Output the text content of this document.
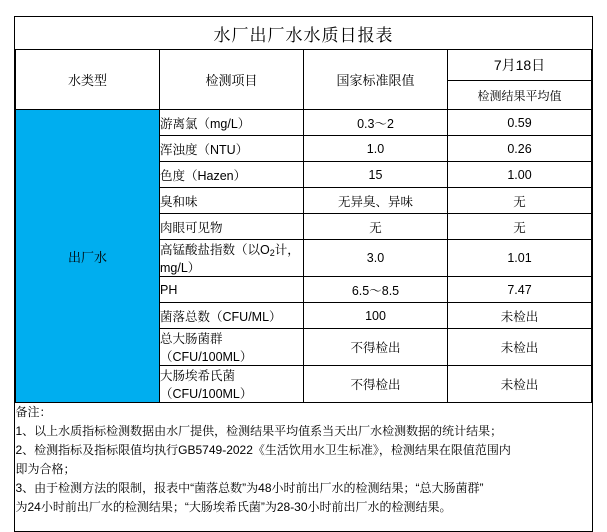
水厂出厂水水质日报表			
水类型	检测项目	国家标准限值	7月18日
			检测结果平均值
出厂水	游离氯（mg/L）	0.3～2	0.59
	浑浊度（NTU）	1.0	0.26
	色度（Hazen）	15	1.00
	臭和味	无异臭、异味	无
	肉眼可见物	无	无
	高锰酸盐指数（以$O_2$计，mg/L）	3.0	1.01
	PH	6.5～8.5	7.47
	菌落总数（CFU/ML）	100	未检出
	总大肠菌群（CFU/100ML）	不得检出	未检出
	大肠埃希氏菌（CFU/100ML）	不得检出	未检出

备注：
1、以上水质指标检测数据由水厂提供，检测结果平均值系当天出厂水检测数据的统计结果；
2、检测指标及指标限值均执行GB5749-2022《生活饮用水卫生标准》，检测结果在限值范围内
即为合格；
3、由于检测方法的限制，报表中“菌落总数”为48小时前出厂水的检测结果；“总大肠菌群”
为24小时前出厂水的检测结果；“大肠埃希氏菌”为28-30小时前出厂水的检测结果。
